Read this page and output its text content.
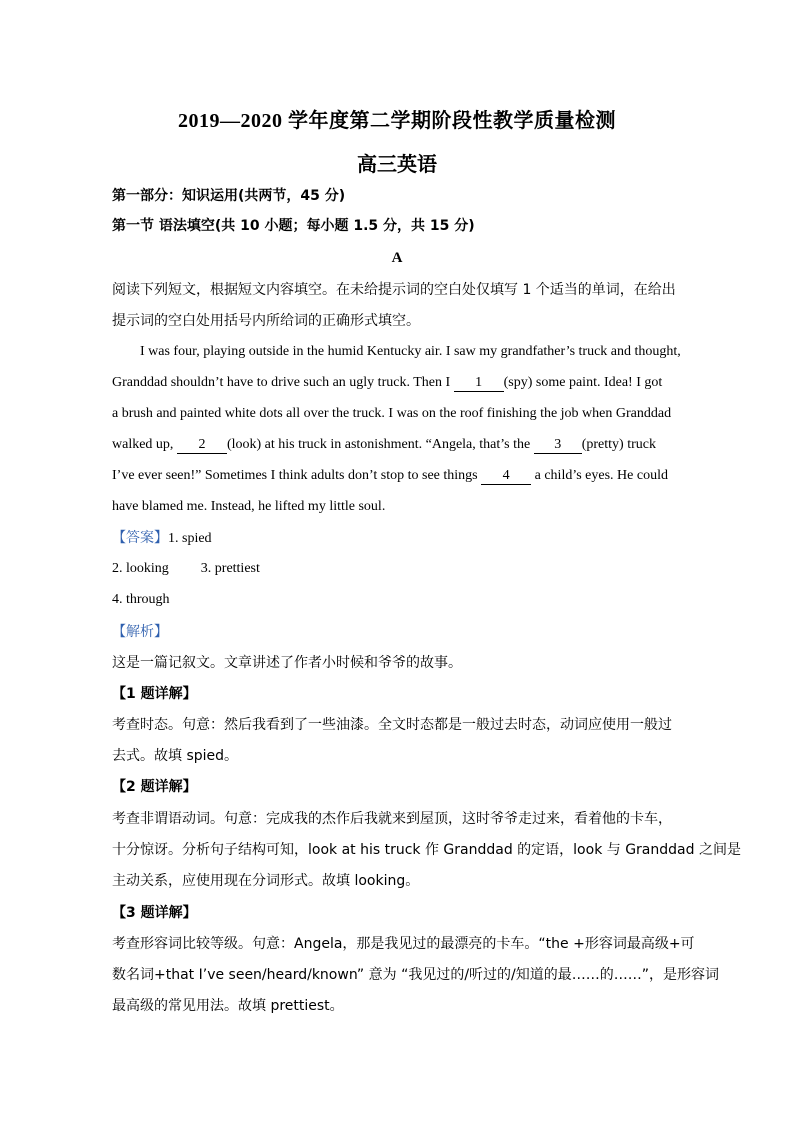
2019—2020 学年度第二学期阶段性教学质量检测
高三英语
第一部分：知识运用(共两节，45 分)
第一节 语法填空(共 10 小题；每小题 1.5 分，共 15 分)
A
阅读下列短文，根据短文内容填空。在未给提示词的空白处仅填写 1 个适当的单词，在给出
提示词的空白处用括号内所给词的正确形式填空。
I was four, playing outside in the humid Kentucky air. I saw my grandfather’s truck and thought,
Granddad shouldn’t have to drive such an ugly truck. Then I 1 (spy) some paint. Idea! I got
a brush and painted white dots all over the truck. I was on the roof finishing the job when Granddad
walked up, 2 (look) at his truck in astonishment. “Angela, that’s the 3 (pretty) truck
I’ve ever seen!” Sometimes I think adults don’t stop to see things 4 a child’s eyes. He could
have blamed me. Instead, he lifted my little soul.
【答案】1. spied
2. looking 3. prettiest
4. through
【解析】
这是一篇记叙文。文章讲述了作者小时候和爷爷的故事。
【1 题详解】
考查时态。句意：然后我看到了一些油漆。全文时态都是一般过去时态，动词应使用一般过
去式。故填 spied。
【2 题详解】
考查非谓语动词。句意：完成我的杰作后我就来到屋顶，这时爷爷走过来，看着他的卡车，
十分惊讶。分析句子结构可知，look at his truck 作 Granddad 的定语，look 与 Granddad 之间是
主动关系，应使用现在分词形式。故填 looking。
【3 题详解】
考查形容词比较等级。句意：Angela，那是我见过的最漂亮的卡车。“the +形容词最高级+可
数名词+that I’ve seen/heard/known” 意为 “我见过的/听过的/知道的最……的……”，是形容词
最高级的常见用法。故填 prettiest。
